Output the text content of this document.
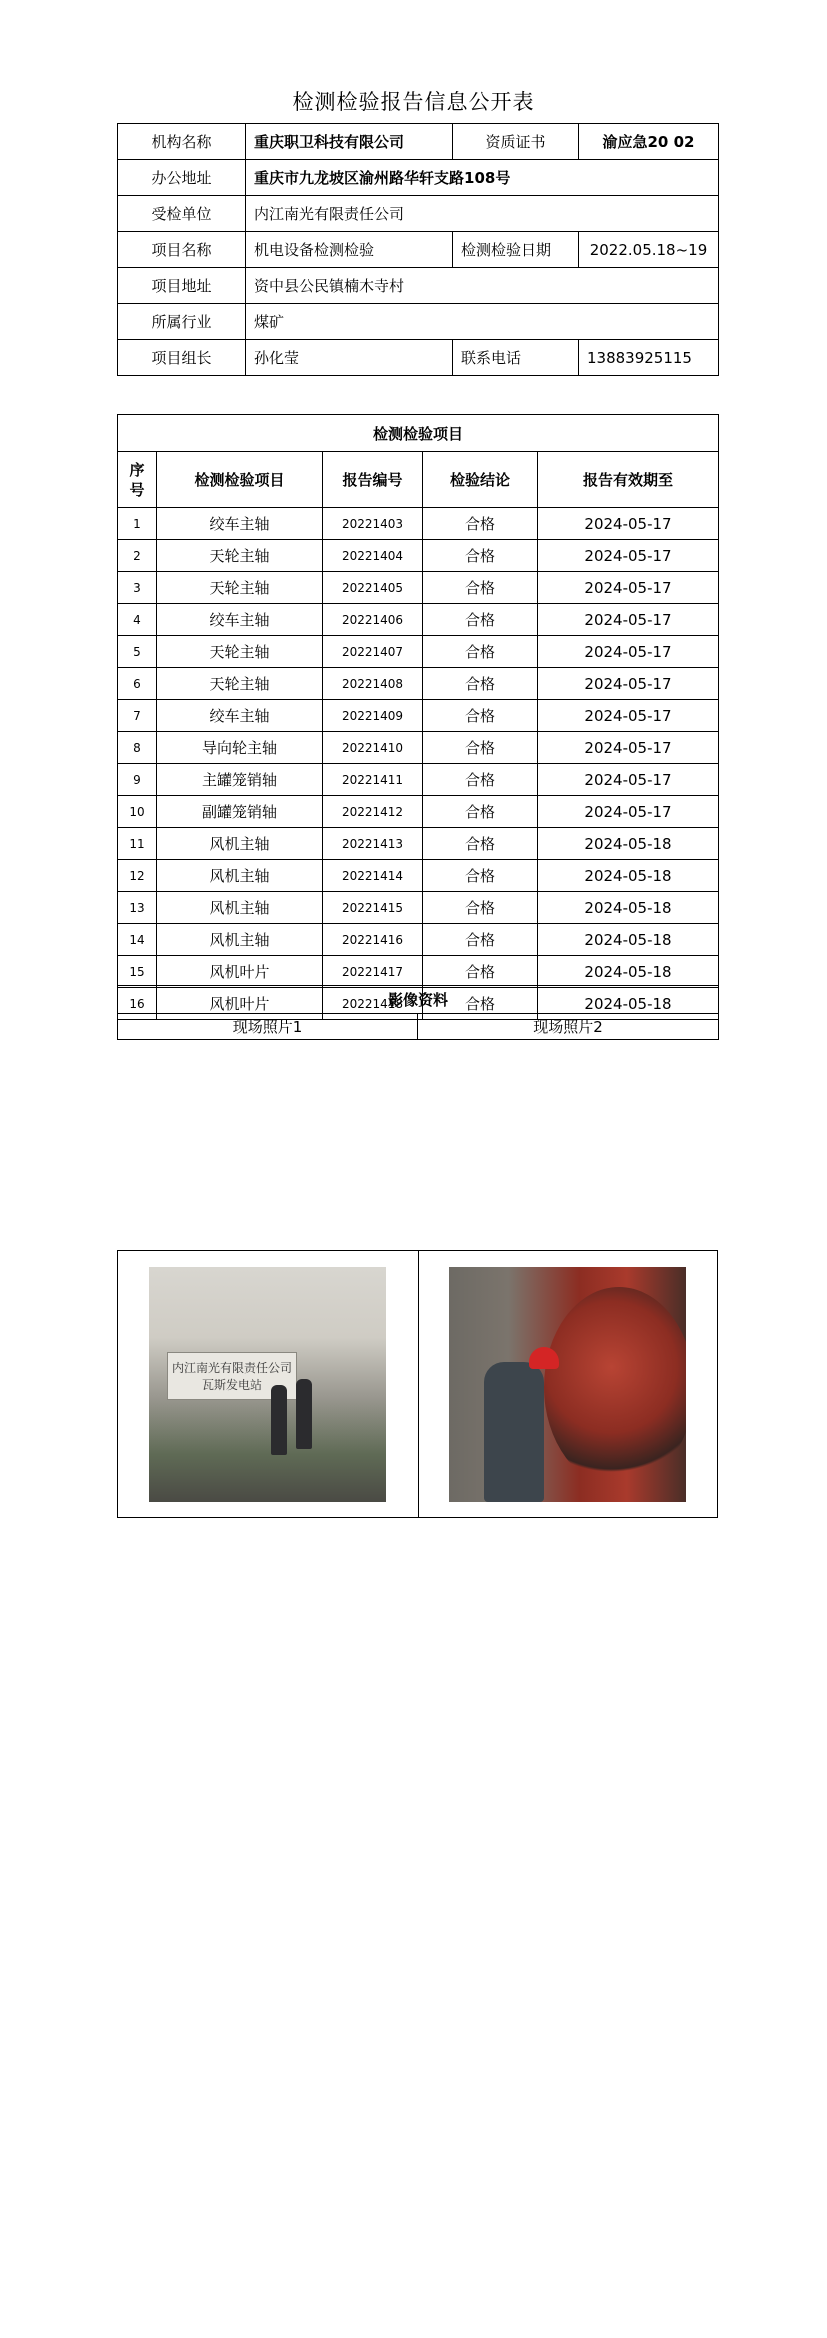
检测检验报告信息公开表
机构名称	重庆职卫科技有限公司	资质证书	渝应急20 02
办公地址	重庆市九龙坡区渝州路华轩支路108号		
受检单位	内江南光有限责任公司		
项目名称	机电设备检测检验	检测检验日期	2022.05.18~19
项目地址	资中县公民镇楠木寺村		
所属行业	煤矿		
项目组长	孙化莹	联系电话	13883925115
检测检验项目				
序号	检测检验项目	报告编号	检验结论	报告有效期至
1	绞车主轴	20221403	合格	2024-05-17
2	天轮主轴	20221404	合格	2024-05-17
3	天轮主轴	20221405	合格	2024-05-17
4	绞车主轴	20221406	合格	2024-05-17
5	天轮主轴	20221407	合格	2024-05-17
6	天轮主轴	20221408	合格	2024-05-17
7	绞车主轴	20221409	合格	2024-05-17
8	导向轮主轴	20221410	合格	2024-05-17
9	主罐笼销轴	20221411	合格	2024-05-17
10	副罐笼销轴	20221412	合格	2024-05-17
11	风机主轴	20221413	合格	2024-05-18
12	风机主轴	20221414	合格	2024-05-18
13	风机主轴	20221415	合格	2024-05-18
14	风机主轴	20221416	合格	2024-05-18
15	风机叶片	20221417	合格	2024-05-18
16	风机叶片	20221418	合格	2024-05-18
影像资料
现场照片1	现场照片2
内江南光有限责任公司 瓦斯发电站
